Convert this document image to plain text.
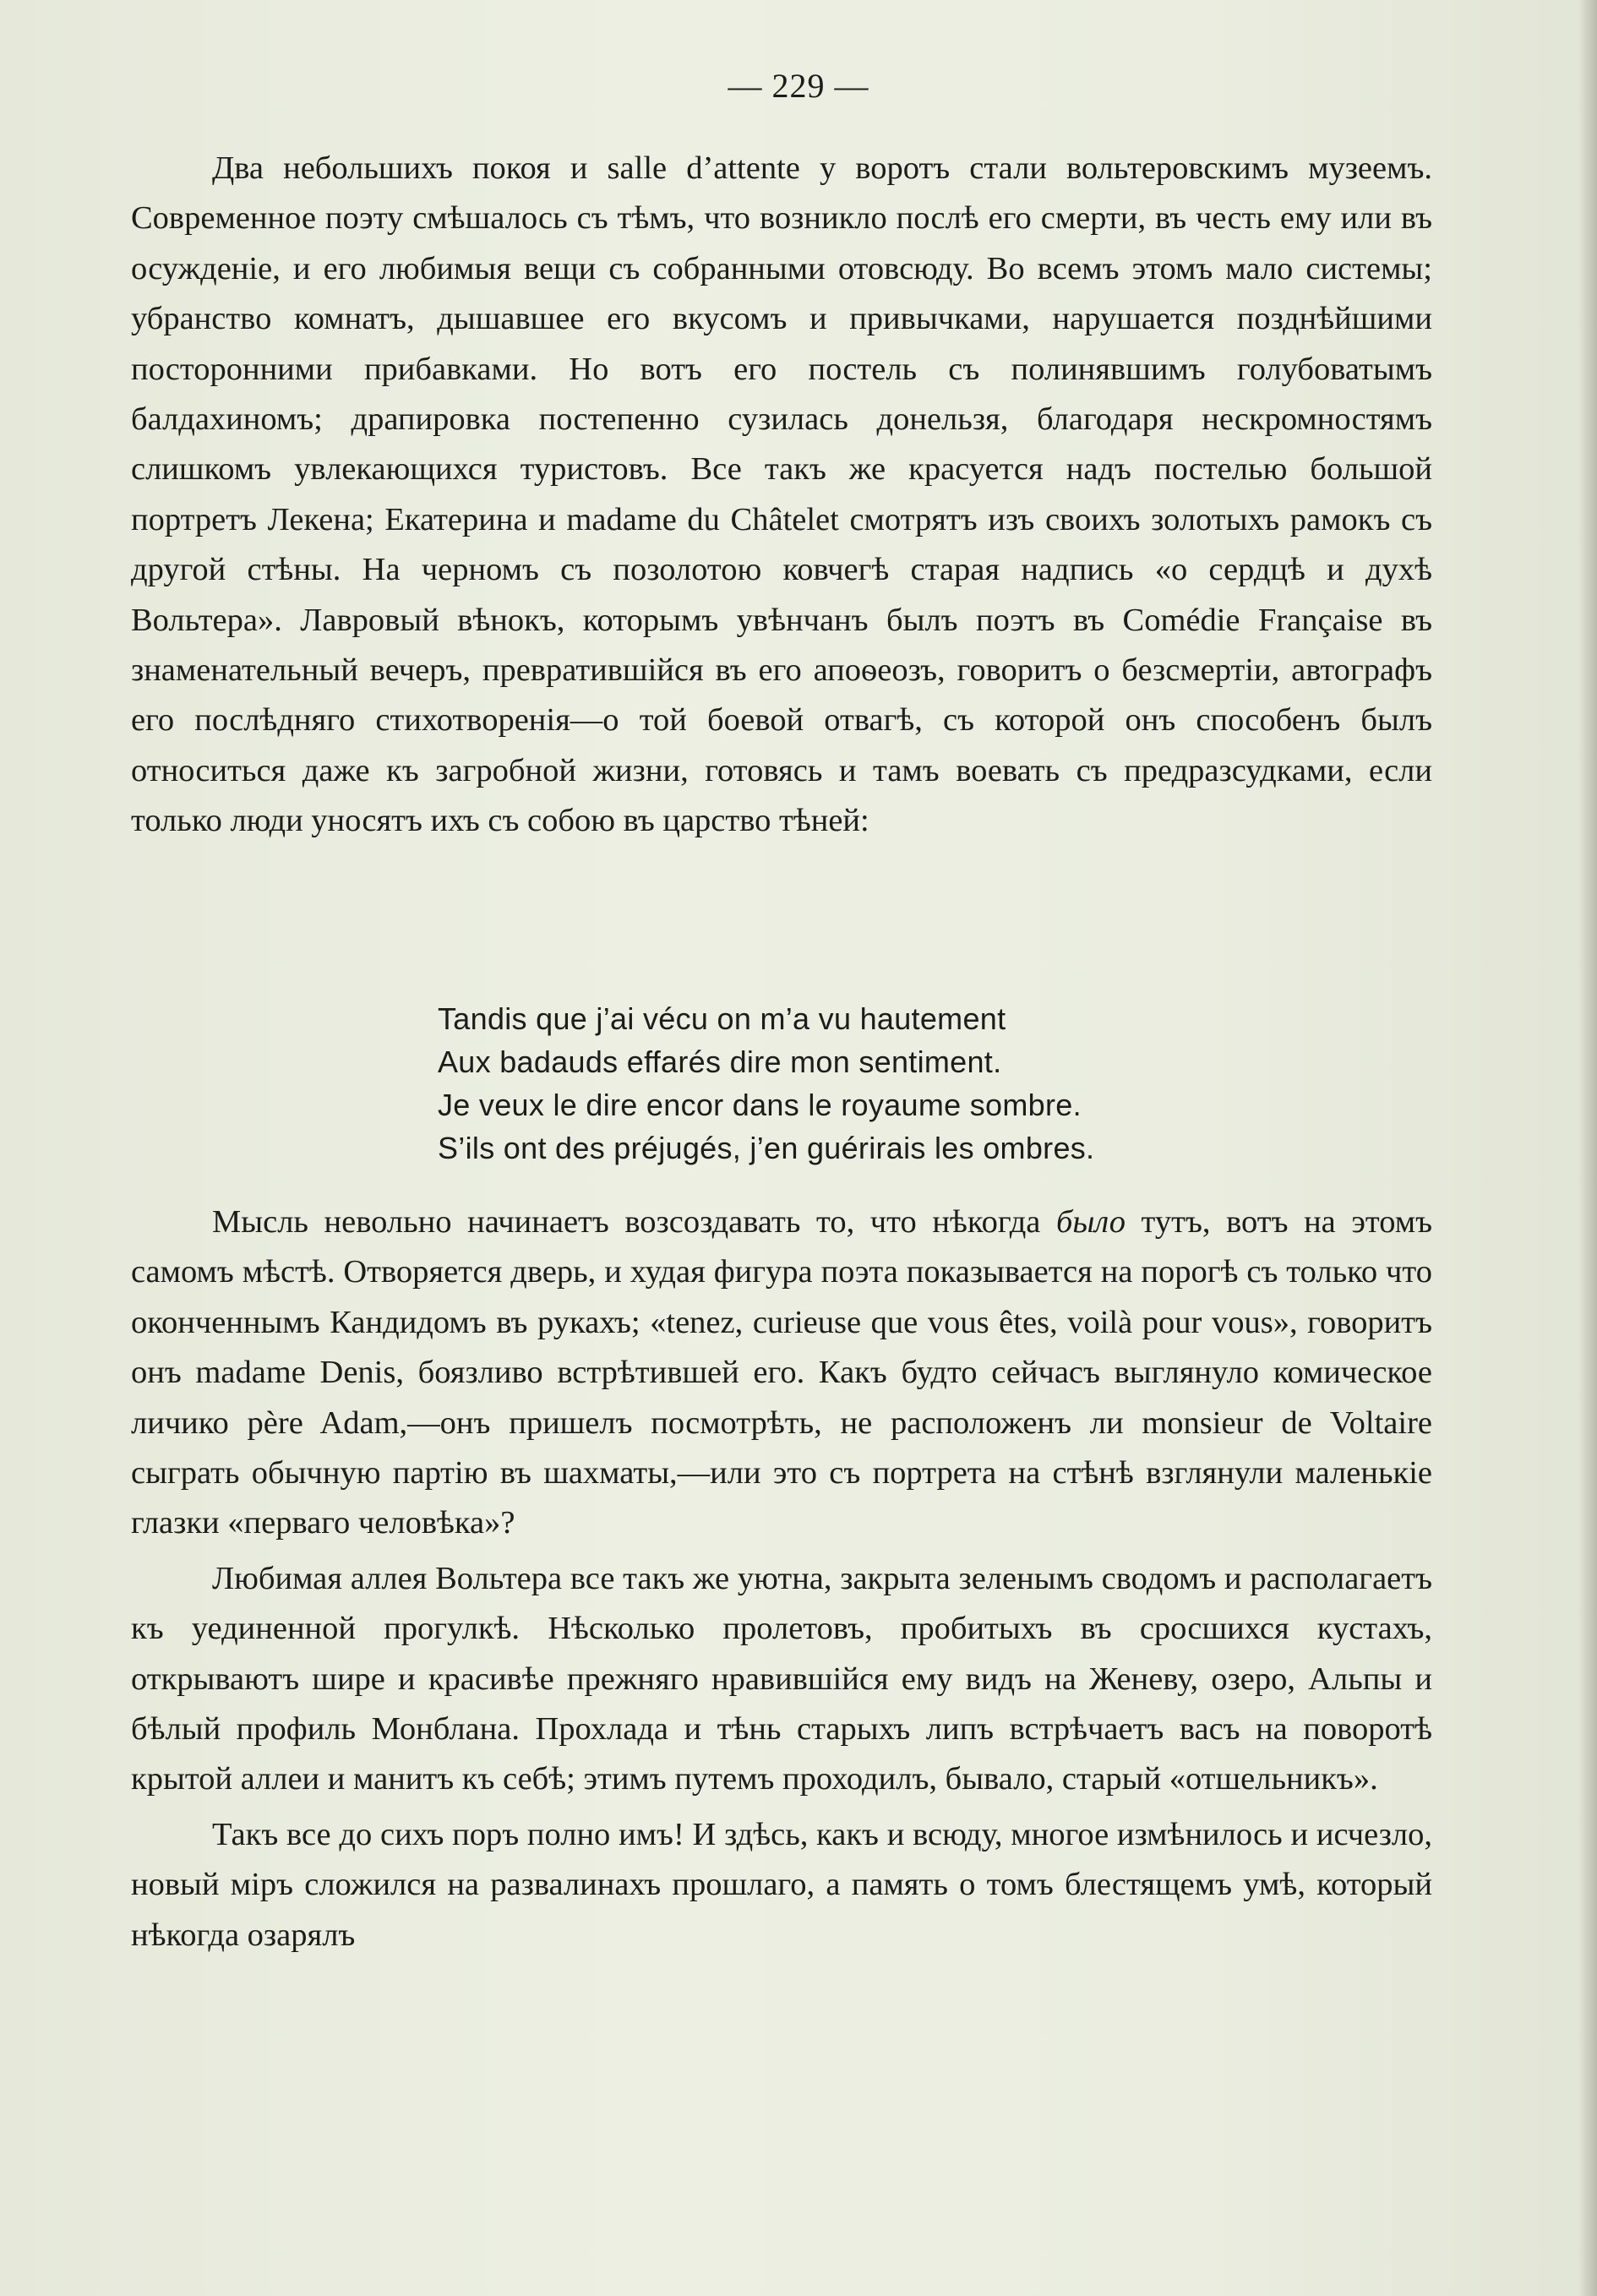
— 229 —

Два небольшихъ покоя и salle d’attente у воротъ стали вольтеровскимъ музеемъ. Современное поэту смѣшалось съ тѣмъ, что возникло послѣ его смерти, въ честь ему или въ осужденіе, и его любимыя вещи съ собранными отовсюду. Во всемъ этомъ мало системы; убранство комнатъ, дышавшее его вкусомъ и привычками, нарушается позднѣйшими посторонними прибавками. Но вотъ его постель съ полинявшимъ голубоватымъ балдахиномъ; драпировка постепенно сузилась донельзя, благодаря нескромностямъ слишкомъ увлекающихся туристовъ. Все такъ же красуется надъ постелью большой портретъ Лекена; Екатерина и madame du Châtelet смотрятъ изъ своихъ золотыхъ рамокъ съ другой стѣны. На черномъ съ позолотою ковчегѣ старая надпись «о сердцѣ и духѣ Вольтера». Лавровый вѣнокъ, которымъ увѣнчанъ былъ поэтъ въ Comédie Française въ знаменательный вечеръ, превратившійся въ его апоѳеозъ, говоритъ о безсмертіи, автографъ его послѣдняго стихотворенія—о той боевой отвагѣ, съ которой онъ способенъ былъ относиться даже къ загробной жизни, готовясь и тамъ воевать съ предразсудками, если только люди уносятъ ихъ съ собою въ царство тѣней:

Tandis que j’ai vécu on m’a vu hautement
Aux badauds effarés dire mon sentiment.
Je veux le dire encor dans le royaume sombre.
S’ils ont des préjugés, j’en guérirais les ombres.

Мысль невольно начинаетъ возсоздавать то, что нѣкогда было тутъ, вотъ на этомъ самомъ мѣстѣ. Отворяется дверь, и худая фигура поэта показывается на порогѣ съ только что оконченнымъ Кандидомъ въ рукахъ; «tenez, curieuse que vous êtes, voilà pour vous», говоритъ онъ madame Denis, боязливо встрѣтившей его. Какъ будто сейчасъ выглянуло комическое личико père Adam,—онъ пришелъ посмотрѣть, не расположенъ ли monsieur de Voltaire сыграть обычную партію въ шахматы,—или это съ портрета на стѣнѣ взглянули маленькіе глазки «перваго человѣка»?

Любимая аллея Вольтера все такъ же уютна, закрыта зеленымъ сводомъ и располагаетъ къ уединенной прогулкѣ. Нѣсколько пролетовъ, пробитыхъ въ сросшихся кустахъ, открываютъ шире и красивѣе прежняго нравившійся ему видъ на Женеву, озеро, Альпы и бѣлый профиль Монблана. Прохлада и тѣнь старыхъ липъ встрѣчаетъ васъ на поворотѣ крытой аллеи и манитъ къ себѣ; этимъ путемъ проходилъ, бывало, старый «отшельникъ».

Такъ все до сихъ поръ полно имъ! И здѣсь, какъ и всюду, многое измѣнилось и исчезло, новый міръ сложился на развалинахъ прошлаго, а память о томъ блестящемъ умѣ, который нѣкогда озарялъ
